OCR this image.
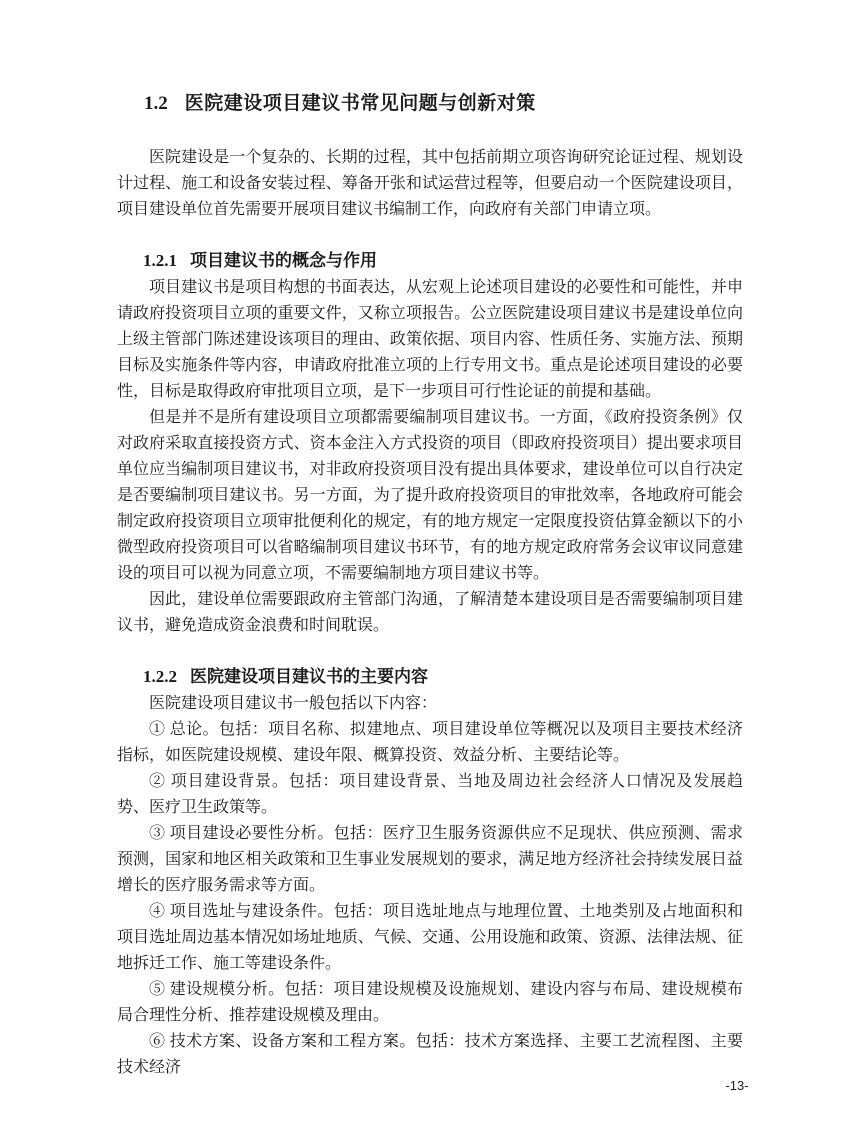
1.2 医院建设项目建议书常见问题与创新对策

医院建设是一个复杂的、长期的过程，其中包括前期立项咨询研究论证过程、规划设计过程、施工和设备安装过程、筹备开张和试运营过程等，但要启动一个医院建设项目，项目建设单位首先需要开展项目建议书编制工作，向政府有关部门申请立项。

1.2.1 项目建议书的概念与作用

项目建议书是项目构想的书面表达，从宏观上论述项目建设的必要性和可能性，并申请政府投资项目立项的重要文件，又称立项报告。公立医院建设项目建议书是建设单位向上级主管部门陈述建设该项目的理由、政策依据、项目内容、性质任务、实施方法、预期目标及实施条件等内容，申请政府批准立项的上行专用文书。重点是论述项目建设的必要性，目标是取得政府审批项目立项，是下一步项目可行性论证的前提和基础。

但是并不是所有建设项目立项都需要编制项目建议书。一方面，《政府投资条例》仅对政府采取直接投资方式、资本金注入方式投资的项目（即政府投资项目）提出要求项目单位应当编制项目建议书，对非政府投资项目没有提出具体要求，建设单位可以自行决定是否要编制项目建议书。另一方面，为了提升政府投资项目的审批效率，各地政府可能会制定政府投资项目立项审批便利化的规定，有的地方规定一定限度投资估算金额以下的小微型政府投资项目可以省略编制项目建议书环节，有的地方规定政府常务会议审议同意建设的项目可以视为同意立项，不需要编制地方项目建议书等。

因此，建设单位需要跟政府主管部门沟通，了解清楚本建设项目是否需要编制项目建议书，避免造成资金浪费和时间耽误。

1.2.2 医院建设项目建议书的主要内容

医院建设项目建议书一般包括以下内容：

① 总论。包括：项目名称、拟建地点、项目建设单位等概况以及项目主要技术经济指标，如医院建设规模、建设年限、概算投资、效益分析、主要结论等。

② 项目建设背景。包括：项目建设背景、当地及周边社会经济人口情况及发展趋势、医疗卫生政策等。

③ 项目建设必要性分析。包括：医疗卫生服务资源供应不足现状、供应预测、需求预测，国家和地区相关政策和卫生事业发展规划的要求，满足地方经济社会持续发展日益增长的医疗服务需求等方面。

④ 项目选址与建设条件。包括：项目选址地点与地理位置、土地类别及占地面积和项目选址周边基本情况如场址地质、气候、交通、公用设施和政策、资源、法律法规、征地拆迁工作、施工等建设条件。

⑤ 建设规模分析。包括：项目建设规模及设施规划、建设内容与布局、建设规模布局合理性分析、推荐建设规模及理由。

⑥ 技术方案、设备方案和工程方案。包括：技术方案选择、主要工艺流程图、主要技术经济

-13-
